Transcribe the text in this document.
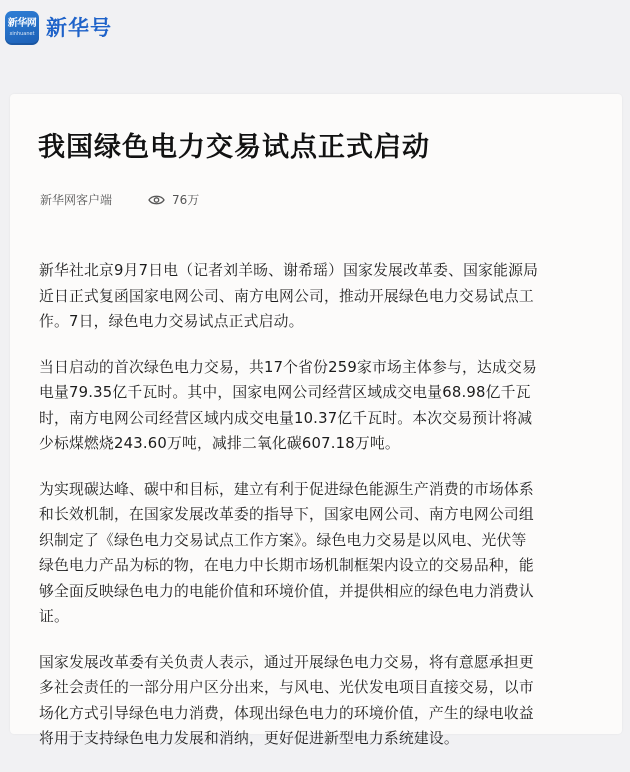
新华网
xinhuanet 新华号
我国绿色电力交易试点正式启动
新华网客户端	76万

新华社北京9月7日电（记者刘羊旸、谢希瑶）国家发展改革委、国家能源局
近日正式复函国家电网公司、南方电网公司，推动开展绿色电力交易试点工
作。7日，绿色电力交易试点正式启动。

当日启动的首次绿色电力交易，共17个省份259家市场主体参与，达成交易
电量79.35亿千瓦时。其中，国家电网公司经营区域成交电量68.98亿千瓦
时，南方电网公司经营区域内成交电量10.37亿千瓦时。本次交易预计将减
少标煤燃烧243.60万吨，减排二氧化碳607.18万吨。

为实现碳达峰、碳中和目标，建立有利于促进绿色能源生产消费的市场体系
和长效机制，在国家发展改革委的指导下，国家电网公司、南方电网公司组
织制定了《绿色电力交易试点工作方案》。绿色电力交易是以风电、光伏等
绿色电力产品为标的物，在电力中长期市场机制框架内设立的交易品种，能
够全面反映绿色电力的电能价值和环境价值，并提供相应的绿色电力消费认
证。

国家发展改革委有关负责人表示，通过开展绿色电力交易，将有意愿承担更
多社会责任的一部分用户区分出来，与风电、光伏发电项目直接交易，以市
场化方式引导绿色电力消费，体现出绿色电力的环境价值，产生的绿电收益
将用于支持绿色电力发展和消纳，更好促进新型电力系统建设。
